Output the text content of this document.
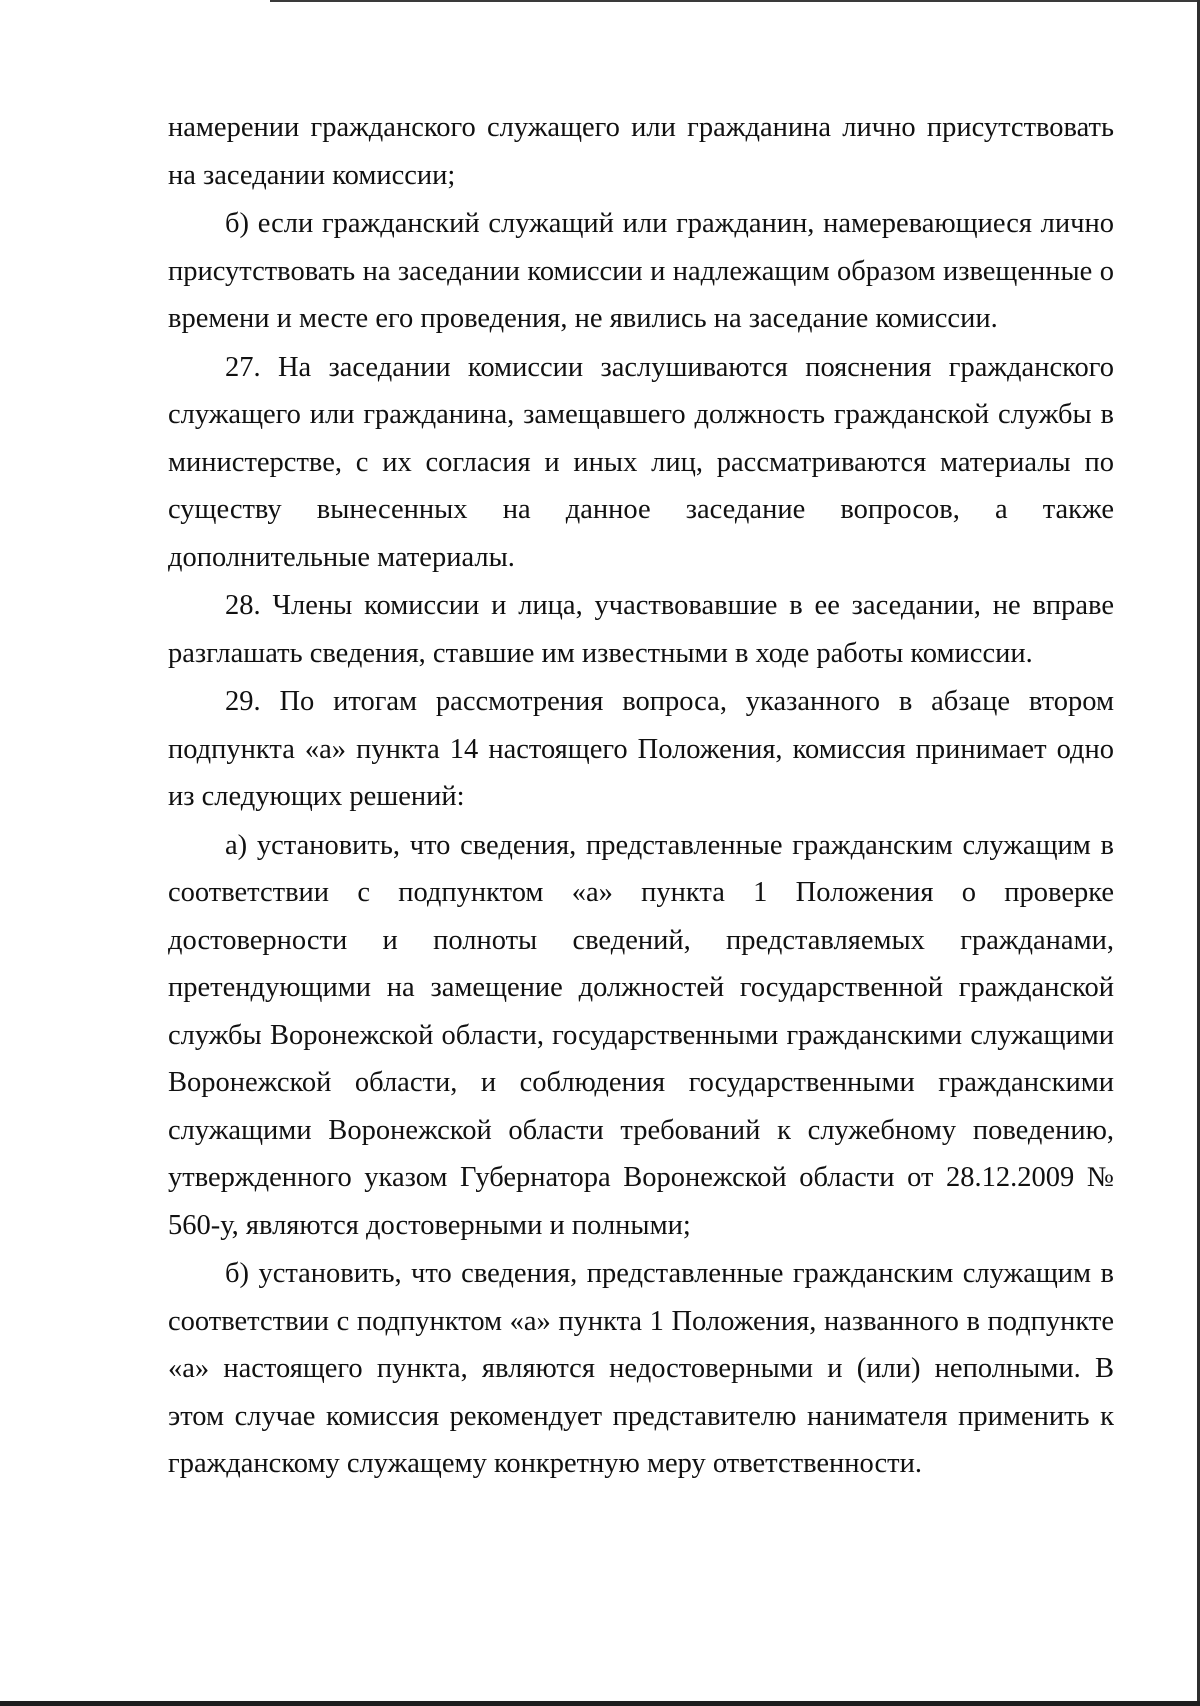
намерении гражданского служащего или гражданина лично присутствовать на заседании комиссии;

б) если гражданский служащий или гражданин, намеревающиеся лично присутствовать на заседании комиссии и надлежащим образом извещенные о времени и месте его проведения, не явились на заседание комиссии.

27. На заседании комиссии заслушиваются пояснения гражданского служащего или гражданина, замещавшего должность гражданской службы в министерстве, с их согласия и иных лиц, рассматриваются материалы по существу вынесенных на данное заседание вопросов, а также дополнительные материалы.

28. Члены комиссии и лица, участвовавшие в ее заседании, не вправе разглашать сведения, ставшие им известными в ходе работы комиссии.

29. По итогам рассмотрения вопроса, указанного в абзаце втором подпункта «а» пункта 14 настоящего Положения, комиссия принимает одно из следующих решений:

а) установить, что сведения, представленные гражданским служащим в соответствии с подпунктом «а» пункта 1 Положения о проверке достоверности и полноты сведений, представляемых гражданами, претендующими на замещение должностей государственной гражданской службы Воронежской области, государственными гражданскими служащими Воронежской области, и соблюдения государственными гражданскими служащими Воронежской области требований к служебному поведению, утвержденного указом Губернатора Воронежской области от 28.12.2009 № 560-у, являются достоверными и полными;

б) установить, что сведения, представленные гражданским служащим в соответствии с подпунктом «а» пункта 1 Положения, названного в подпункте «а» настоящего пункта, являются недостоверными и (или) неполными. В этом случае комиссия рекомендует представителю нанимателя применить к гражданскому служащему конкретную меру ответственности.
